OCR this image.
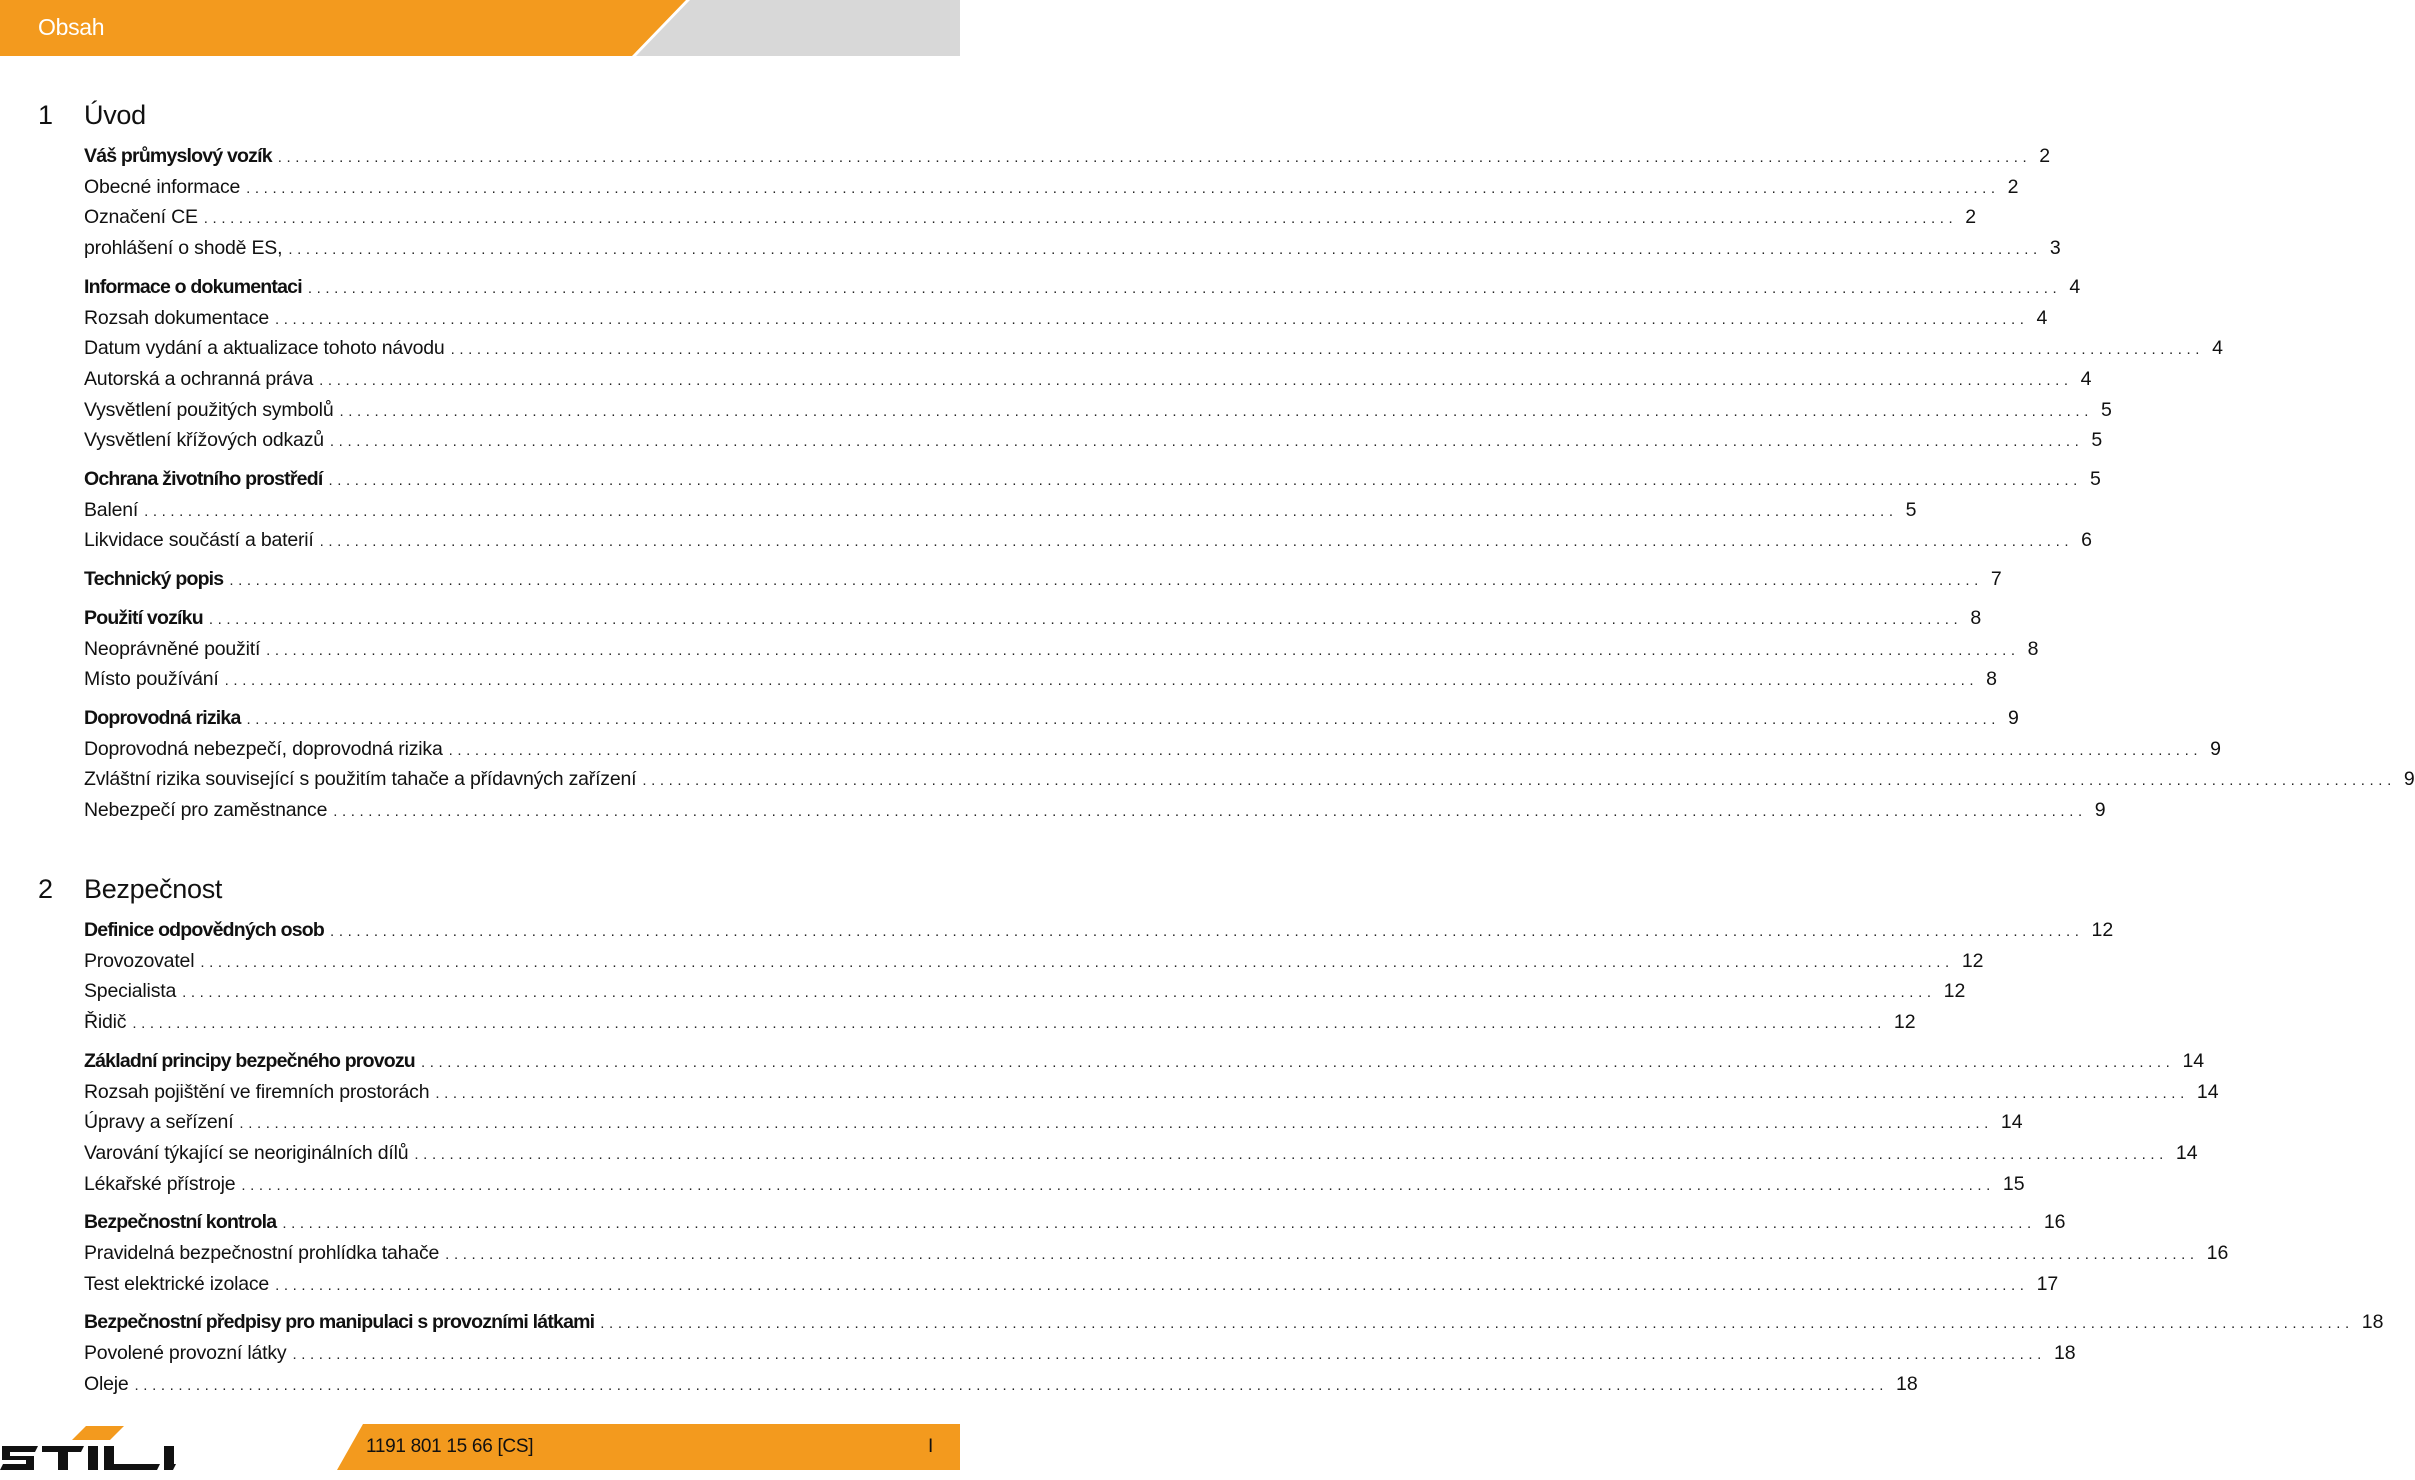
Obsah
1 Úvod
Váš průmyslový vozík ........................................................................................................................................................................................................ 2
Obecné informace ........................................................................................................................................................................................................ 2
Označení CE ........................................................................................................................................................................................................ 2
prohlášení o shodě ES, ........................................................................................................................................................................................................ 3
Informace o dokumentaci ........................................................................................................................................................................................................ 4
Rozsah dokumentace ........................................................................................................................................................................................................ 4
Datum vydání a aktualizace tohoto návodu ........................................................................................................................................................................................................ 4
Autorská a ochranná práva ........................................................................................................................................................................................................ 4
Vysvětlení použitých symbolů ........................................................................................................................................................................................................ 5
Vysvětlení křížových odkazů ........................................................................................................................................................................................................ 5
Ochrana životního prostředí ........................................................................................................................................................................................................ 5
Balení ........................................................................................................................................................................................................ 5
Likvidace součástí a baterií ........................................................................................................................................................................................................ 6
Technický popis ........................................................................................................................................................................................................ 7
Použití vozíku ........................................................................................................................................................................................................ 8
Neoprávněné použití ........................................................................................................................................................................................................ 8
Místo používání ........................................................................................................................................................................................................ 8
Doprovodná rizika ........................................................................................................................................................................................................ 9
Doprovodná nebezpečí, doprovodná rizika ........................................................................................................................................................................................................ 9
Zvláštní rizika související s použitím tahače a přídavných zařízení ........................................................................................................................................................................................................ 9
Nebezpečí pro zaměstnance ........................................................................................................................................................................................................ 9
2 Bezpečnost
Definice odpovědných osob ........................................................................................................................................................................................................ 12
Provozovatel ........................................................................................................................................................................................................ 12
Specialista ........................................................................................................................................................................................................ 12
Řidič ........................................................................................................................................................................................................ 12
Základní principy bezpečného provozu ........................................................................................................................................................................................................ 14
Rozsah pojištění ve firemních prostorách ........................................................................................................................................................................................................ 14
Úpravy a seřízení ........................................................................................................................................................................................................ 14
Varování týkající se neoriginálních dílů ........................................................................................................................................................................................................ 14
Lékařské přístroje ........................................................................................................................................................................................................ 15
Bezpečnostní kontrola ........................................................................................................................................................................................................ 16
Pravidelná bezpečnostní prohlídka tahače ........................................................................................................................................................................................................ 16
Test elektrické izolace ........................................................................................................................................................................................................ 17
Bezpečnostní předpisy pro manipulaci s provozními látkami ........................................................................................................................................................................................................ 18
Povolené provozní látky ........................................................................................................................................................................................................ 18
Oleje ........................................................................................................................................................................................................ 18
1191 801 15 66 [CS]	I
